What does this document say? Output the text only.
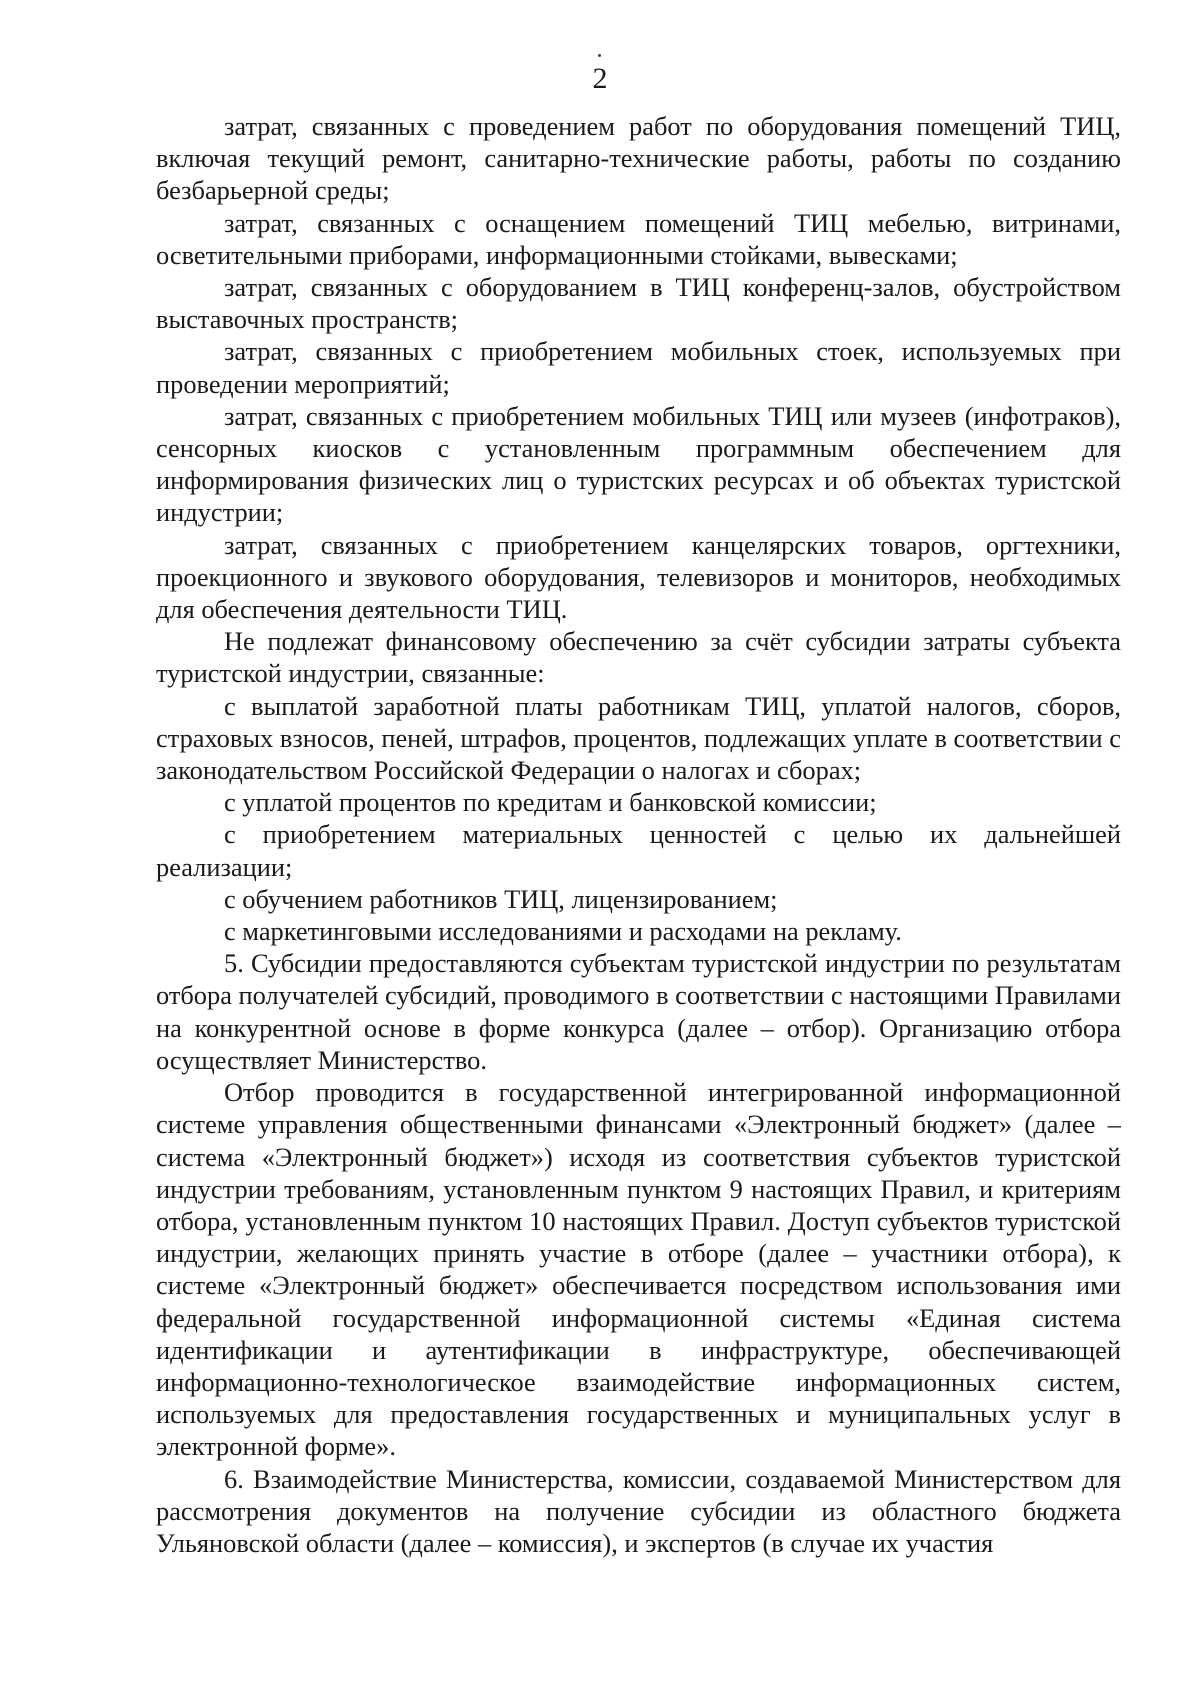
2

затрат, связанных с проведением работ по оборудования помещений ТИЦ, включая текущий ремонт, санитарно-технические работы, работы по созданию безбарьерной среды;

затрат, связанных с оснащением помещений ТИЦ мебелью, витринами, осветительными приборами, информационными стойками, вывесками;

затрат, связанных с оборудованием в ТИЦ конференц-залов, обустройством выставочных пространств;

затрат, связанных с приобретением мобильных стоек, используемых при проведении мероприятий;

затрат, связанных с приобретением мобильных ТИЦ или музеев (инфотраков), сенсорных киосков с установленным программным обеспечением для информирования физических лиц о туристских ресурсах и об объектах туристской индустрии;

затрат, связанных с приобретением канцелярских товаров, оргтехники, проекционного и звукового оборудования, телевизоров и мониторов, необходимых для обеспечения деятельности ТИЦ.

Не подлежат финансовому обеспечению за счёт субсидии затраты субъекта туристской индустрии, связанные:

с выплатой заработной платы работникам ТИЦ, уплатой налогов, сборов, страховых взносов, пеней, штрафов, процентов, подлежащих уплате в соответствии с законодательством Российской Федерации о налогах и сборах;

с уплатой процентов по кредитам и банковской комиссии;

с приобретением материальных ценностей с целью их дальнейшей реализации;

с обучением работников ТИЦ, лицензированием;

с маркетинговыми исследованиями и расходами на рекламу.

5. Субсидии предоставляются субъектам туристской индустрии по результатам отбора получателей субсидий, проводимого в соответствии с настоящими Правилами на конкурентной основе в форме конкурса (далее – отбор). Организацию отбора осуществляет Министерство.

Отбор проводится в государственной интегрированной информационной системе управления общественными финансами «Электронный бюджет» (далее – система «Электронный бюджет») исходя из соответствия субъектов туристской индустрии требованиям, установленным пунктом 9 настоящих Правил, и критериям отбора, установленным пунктом 10 настоящих Правил. Доступ субъектов туристской индустрии, желающих принять участие в отборе (далее – участники отбора), к системе «Электронный бюджет» обеспечивается посредством использования ими федеральной государственной информационной системы «Единая система идентификации и аутентификации в инфраструктуре, обеспечивающей информационно-технологическое взаимодействие информационных систем, используемых для предоставления государственных и муниципальных услуг в электронной форме».

6. Взаимодействие Министерства, комиссии, создаваемой Министерством для рассмотрения документов на получение субсидии из областного бюджета Ульяновской области (далее – комиссия), и экспертов (в случае их участия
